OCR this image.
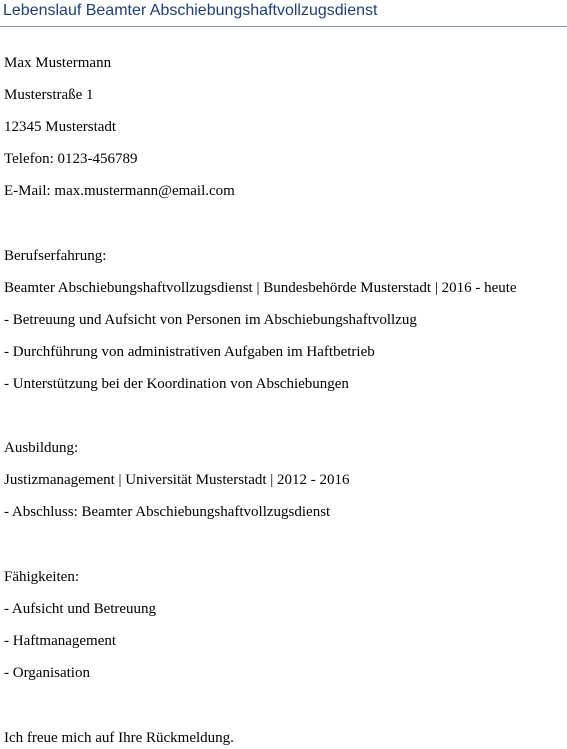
Lebenslauf Beamter Abschiebungshaftvollzugsdienst
Max Mustermann
Musterstraße 1
12345 Musterstadt
Telefon: 0123-456789
E-Mail: max.mustermann@email.com
Berufserfahrung:
Beamter Abschiebungshaftvollzugsdienst | Bundesbehörde Musterstadt | 2016 - heute
- Betreuung und Aufsicht von Personen im Abschiebungshaftvollzug
- Durchführung von administrativen Aufgaben im Haftbetrieb
- Unterstützung bei der Koordination von Abschiebungen
Ausbildung:
Justizmanagement | Universität Musterstadt | 2012 - 2016
- Abschluss: Beamter Abschiebungshaftvollzugsdienst
Fähigkeiten:
- Aufsicht und Betreuung
- Haftmanagement
- Organisation
Ich freue mich auf Ihre Rückmeldung.
